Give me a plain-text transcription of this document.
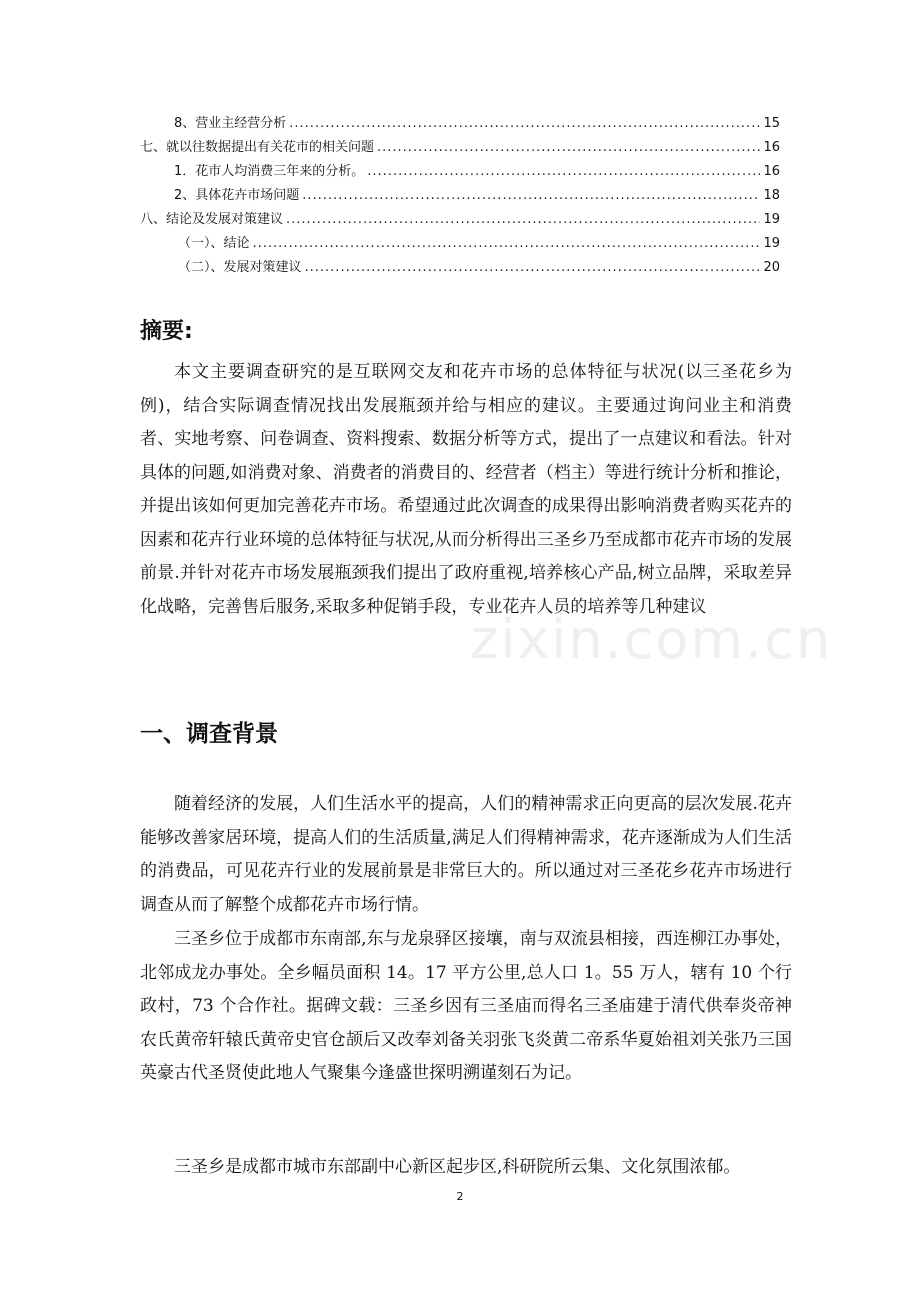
8、营业主经营分析 .....	15
七、就以往数据提出有关花市的相关问题 .....	16
1．花市人均消费三年来的分析。 .....	16
2、具体花卉市场问题 .....	18
八、结论及发展对策建议 .....	19
（一）、结论 .....	19
（二）、发展对策建议 .....	20
摘要:
本文主要调查研究的是互联网交友和花卉市场的总体特征与状况(以三圣花乡为例)，结合实际调查情况找出发展瓶颈并给与相应的建议。主要通过询问业主和消费者、实地考察、问卷调查、资料搜索、数据分析等方式，提出了一点建议和看法。针对具体的问题,如消费对象、消费者的消费目的、经营者（档主）等进行统计分析和推论，并提出该如何更加完善花卉市场。希望通过此次调查的成果得出影响消费者购买花卉的因素和花卉行业环境的总体特征与状况,从而分析得出三圣乡乃至成都市花卉市场的发展前景.并针对花卉市场发展瓶颈我们提出了政府重视,培养核心产品,树立品牌，采取差异化战略，完善售后服务,采取多种促销手段，专业花卉人员的培养等几种建议
zixin.com.cn
一、调查背景
随着经济的发展，人们生活水平的提高，人们的精神需求正向更高的层次发展.花卉能够改善家居环境，提高人们的生活质量,满足人们得精神需求，花卉逐渐成为人们生活的消费品，可见花卉行业的发展前景是非常巨大的。所以通过对三圣花乡花卉市场进行调查从而了解整个成都花卉市场行情。
三圣乡位于成都市东南部,东与龙泉驿区接壤，南与双流县相接，西连柳江办事处，北邻成龙办事处。全乡幅员面积 14。17 平方公里,总人口 1。55 万人，辖有 10 个行政村，73 个合作社。据碑文载：三圣乡因有三圣庙而得名三圣庙建于清代供奉炎帝神农氏黄帝轩辕氏黄帝史官仓颉后又改奉刘备关羽张飞炎黄二帝系华夏始祖刘关张乃三国英豪古代圣贤使此地人气聚集今逢盛世探明溯谨刻石为记。
三圣乡是成都市城市东部副中心新区起步区,科研院所云集、文化氛围浓郁。
2
